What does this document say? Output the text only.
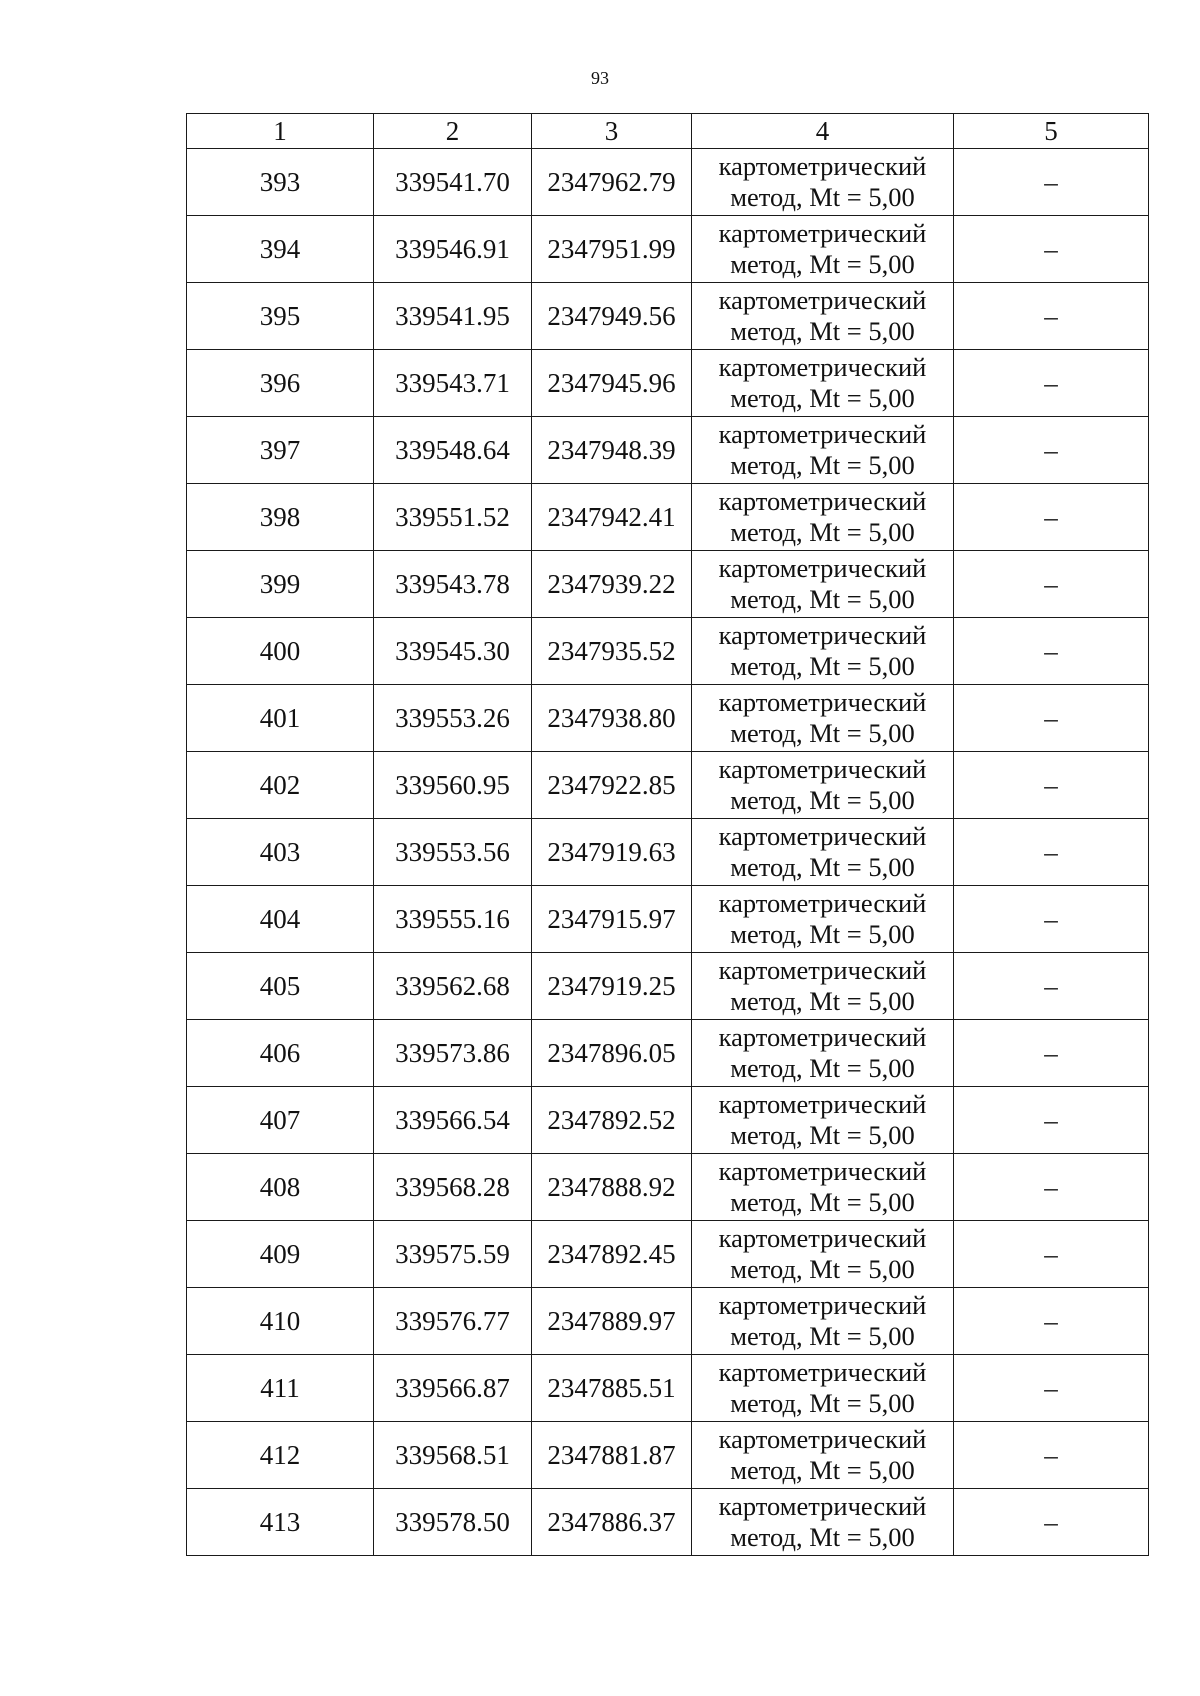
93
1	2	3	4	5
393	339541.70	2347962.79	картометрический
метод, Mt = 5,00	–
394	339546.91	2347951.99	картометрический
метод, Mt = 5,00	–
395	339541.95	2347949.56	картометрический
метод, Mt = 5,00	–
396	339543.71	2347945.96	картометрический
метод, Mt = 5,00	–
397	339548.64	2347948.39	картометрический
метод, Mt = 5,00	–
398	339551.52	2347942.41	картометрический
метод, Mt = 5,00	–
399	339543.78	2347939.22	картометрический
метод, Mt = 5,00	–
400	339545.30	2347935.52	картометрический
метод, Mt = 5,00	–
401	339553.26	2347938.80	картометрический
метод, Mt = 5,00	–
402	339560.95	2347922.85	картометрический
метод, Mt = 5,00	–
403	339553.56	2347919.63	картометрический
метод, Mt = 5,00	–
404	339555.16	2347915.97	картометрический
метод, Mt = 5,00	–
405	339562.68	2347919.25	картометрический
метод, Mt = 5,00	–
406	339573.86	2347896.05	картометрический
метод, Mt = 5,00	–
407	339566.54	2347892.52	картометрический
метод, Mt = 5,00	–
408	339568.28	2347888.92	картометрический
метод, Mt = 5,00	–
409	339575.59	2347892.45	картометрический
метод, Mt = 5,00	–
410	339576.77	2347889.97	картометрический
метод, Mt = 5,00	–
411	339566.87	2347885.51	картометрический
метод, Mt = 5,00	–
412	339568.51	2347881.87	картометрический
метод, Mt = 5,00	–
413	339578.50	2347886.37	картометрический
метод, Mt = 5,00	–
